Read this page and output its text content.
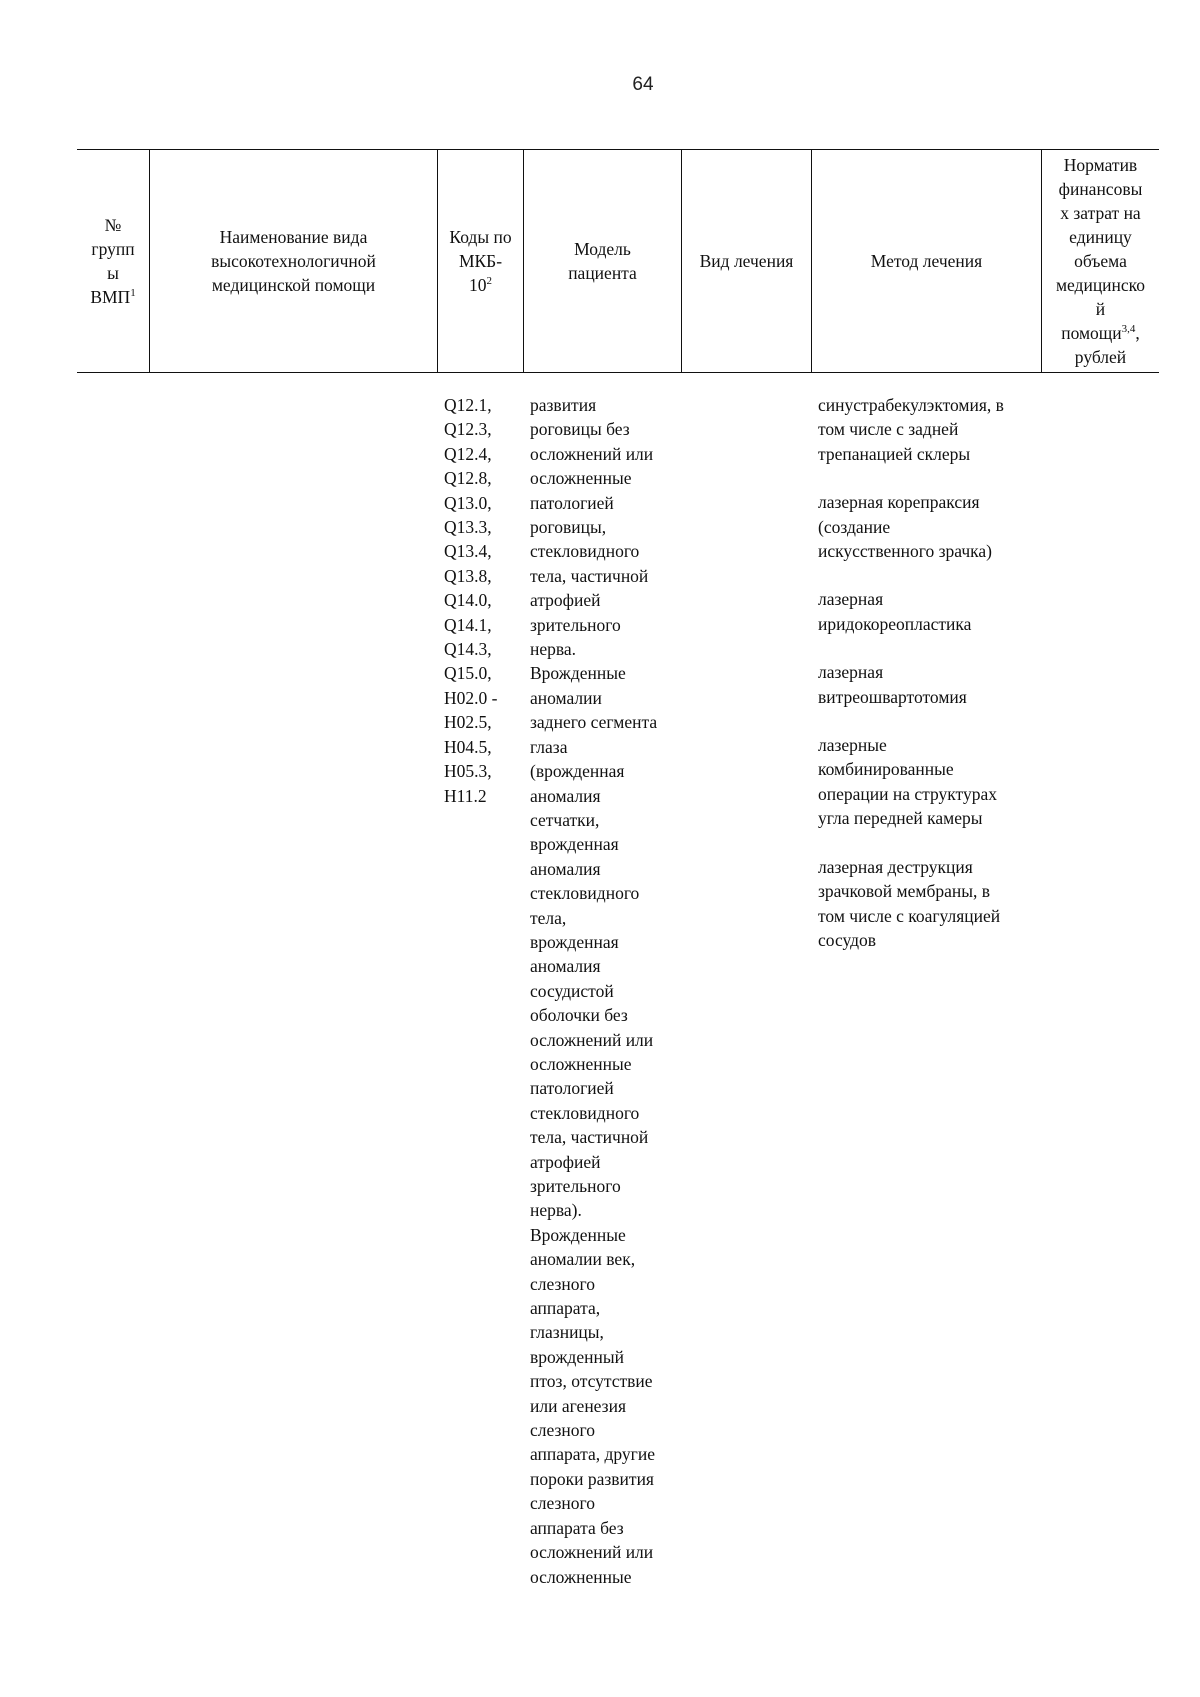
64
№
групп
ы
ВМП$^1$
Наименование вида
высокотехнологичной
медицинской помощи
Коды по
МКБ-
$10^2$
Модель
пациента
Вид лечения	Метод лечения
Норматив
финансовы
х затрат на
единицу
объема
медицинско
й
помощи$^{3,4}$,
рублей
Q12.1,
Q12.3,
Q12.4,
Q12.8,
Q13.0,
Q13.3,
Q13.4,
Q13.8,
Q14.0,
Q14.1,
Q14.3,
Q15.0,
H02.0 -
H02.5,
H04.5,
H05.3,
H11.2
развития
роговицы без
осложнений или
осложненные
патологией
роговицы,
стекловидного
тела, частичной
атрофией
зрительного
нерва.
Врожденные
аномалии
заднего сегмента
глаза
(врожденная
аномалия
сетчатки,
врожденная
аномалия
стекловидного
тела,
врожденная
аномалия
сосудистой
оболочки без
осложнений или
осложненные
патологией
стекловидного
тела, частичной
атрофией
зрительного
нерва).
Врожденные
аномалии век,
слезного
аппарата,
глазницы,
врожденный
птоз, отсутствие
или агенезия
слезного
аппарата, другие
пороки развития
слезного
аппарата без
осложнений или
осложненные
синустрабекулэктомия, в
том числе с задней
трепанацией склеры
лазерная корепраксия
(создание
искусственного зрачка)
лазерная
иридокореопластика
лазерная
витреошвартотомия
лазерные
комбинированные
операции на структурах
угла передней камеры
лазерная деструкция
зрачковой мембраны, в
том числе с коагуляцией
сосудов
